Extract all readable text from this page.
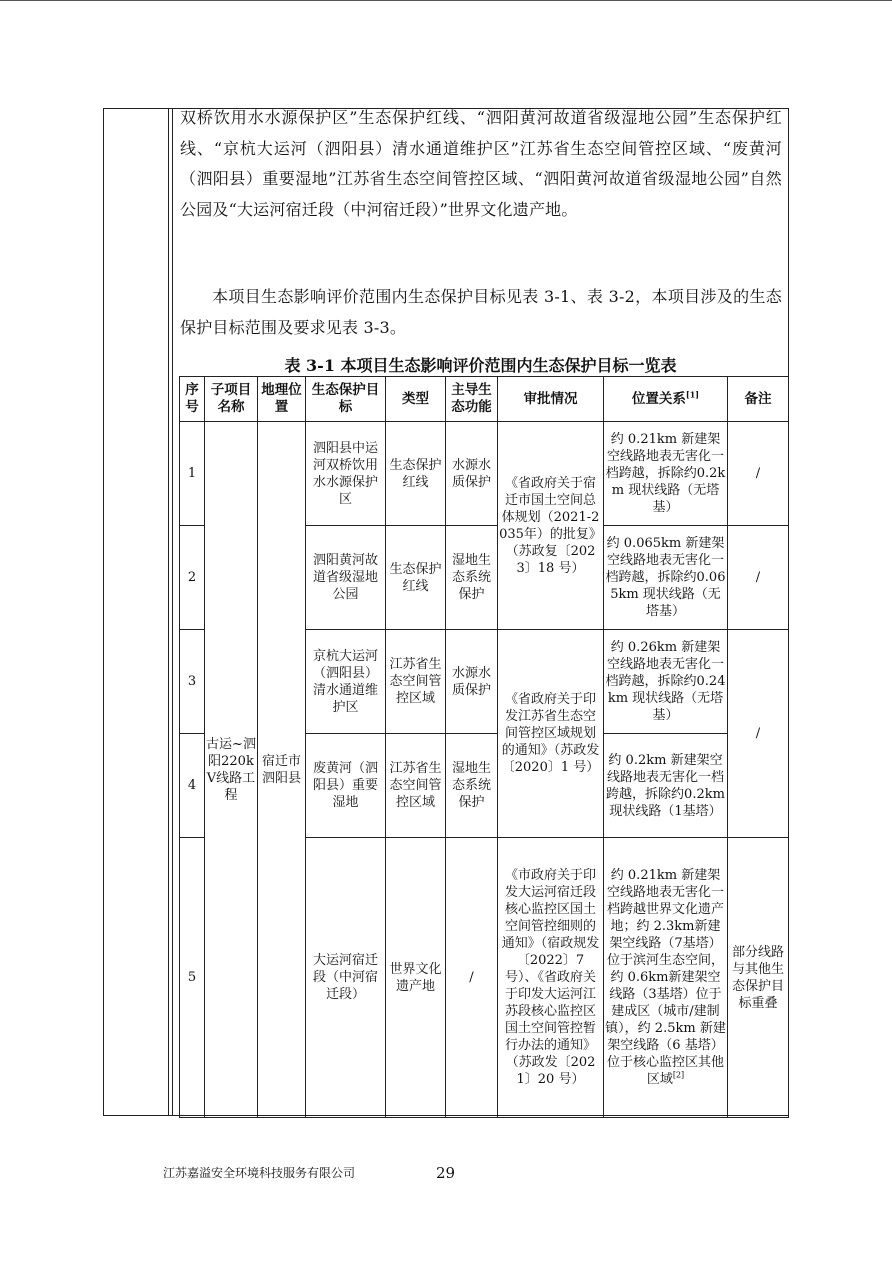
双桥饮用水水源保护区”生态保护红线、“泗阳黄河故道省级湿地公园”生态保护红线、“京杭大运河（泗阳县）清水通道维护区”江苏省生态空间管控区域、“废黄河（泗阳县）重要湿地”江苏省生态空间管控区域、“泗阳黄河故道省级湿地公园”自然公园及“大运河宿迁段（中河宿迁段）”世界文化遗产地。

本项目生态影响评价范围内生态保护目标见表 3-1、表 3-2，本项目涉及的生态保护目标范围及要求见表 3-3。

表 3-1 本项目生态影响评价范围内生态保护目标一览表

序号	子项目名称	地理位置	生态保护目标	类型	主导生态功能	审批情况	位置关系[1]	备注
1	古运~泗阳220kV线路工程	宿迁市泗阳县	泗阳县中运河双桥饮用水水源保护区	生态保护红线	水源水质保护	《省政府关于宿迁市国土空间总体规划（2021-2035年）的批复》（苏政复〔2023〕18 号）	约 0.21km 新建架空线路地表无害化一档跨越，拆除约0.2km 现状线路（无塔基）	/
2			泗阳黄河故道省级湿地公园	生态保护红线	湿地生态系统保护		约 0.065km 新建架空线路地表无害化一档跨越，拆除约0.065km 现状线路（无塔基）	/
3			京杭大运河（泗阳县）清水通道维护区	江苏省生态空间管控区域	水源水质保护	《省政府关于印发江苏省生态空间管控区域规划的通知》（苏政发〔2020〕1 号）	约 0.26km 新建架空线路地表无害化一档跨越，拆除约0.24km 现状线路（无塔基）	/
4			废黄河（泗阳县）重要湿地	江苏省生态空间管控区域	湿地生态系统保护		约 0.2km 新建架空线路地表无害化一档跨越，拆除约0.2km 现状线路（1基塔）	
5			大运河宿迁段（中河宿迁段）	世界文化遗产地	/	《市政府关于印发大运河宿迁段核心监控区国土空间管控细则的通知》（宿政规发〔2022〕7 号）、《省政府关于印发大运河江苏段核心监控区国土空间管控暂行办法的通知》（苏政发〔2021〕20 号）	约 0.21km 新建架空线路地表无害化一档跨越世界文化遗产地；约 2.3km新建架空线路（7基塔）位于滨河生态空间，约 0.6km新建架空线路（3基塔）位于建成区（城市/建制镇），约 2.5km 新建架空线路（6 基塔）位于核心监控区其他区域[2]	部分线路与其他生态保护目标重叠

江苏嘉溢安全环境科技服务有限公司	29
